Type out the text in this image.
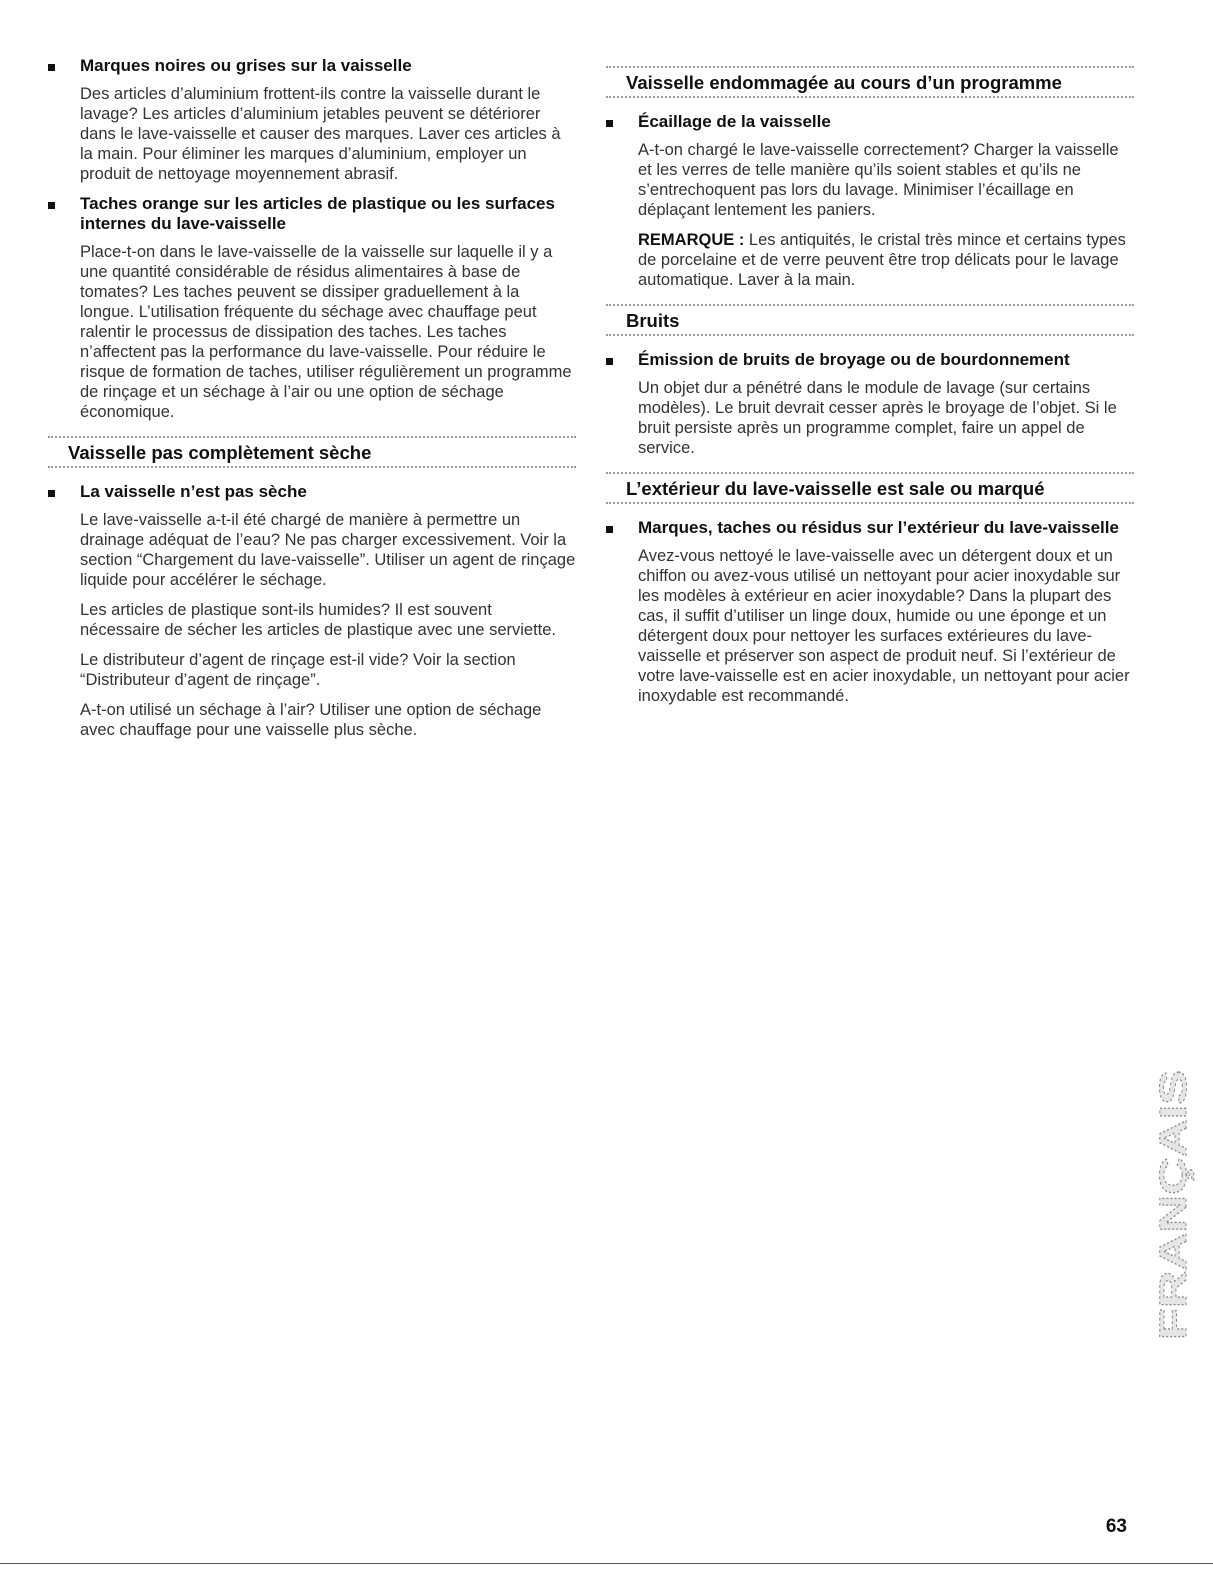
Marques noires ou grises sur la vaisselle

Des articles d’aluminium frottent-ils contre la vaisselle durant le lavage? Les articles d’aluminium jetables peuvent se détériorer dans le lave-vaisselle et causer des marques. Laver ces articles à la main. Pour éliminer les marques d’aluminium, employer un produit de nettoyage moyennement abrasif.

Taches orange sur les articles de plastique ou les surfaces internes du lave-vaisselle

Place-t-on dans le lave-vaisselle de la vaisselle sur laquelle il y a une quantité considérable de résidus alimentaires à base de tomates? Les taches peuvent se dissiper graduellement à la longue. L’utilisation fréquente du séchage avec chauffage peut ralentir le processus de dissipation des taches. Les taches n’affectent pas la performance du lave-vaisselle. Pour réduire le risque de formation de taches, utiliser régulièrement un programme de rinçage et un séchage à l’air ou une option de séchage économique.

Vaisselle pas complètement sèche
La vaisselle n’est pas sèche

Le lave-vaisselle a-t-il été chargé de manière à permettre un drainage adéquat de l’eau? Ne pas charger excessivement. Voir la section “Chargement du lave-vaisselle”. Utiliser un agent de rinçage liquide pour accélérer le séchage.

Les articles de plastique sont-ils humides? Il est souvent nécessaire de sécher les articles de plastique avec une serviette.

Le distributeur d’agent de rinçage est-il vide? Voir la section “Distributeur d’agent de rinçage”.

A-t-on utilisé un séchage à l’air? Utiliser une option de séchage avec chauffage pour une vaisselle plus sèche.

Vaisselle endommagée au cours d’un programme
Écaillage de la vaisselle

A-t-on chargé le lave-vaisselle correctement? Charger la vaisselle et les verres de telle manière qu’ils soient stables et qu’ils ne s’entrechoquent pas lors du lavage. Minimiser l’écaillage en déplaçant lentement les paniers.

REMARQUE : Les antiquités, le cristal très mince et certains types de porcelaine et de verre peuvent être trop délicats pour le lavage automatique. Laver à la main.

Bruits
Émission de bruits de broyage ou de bourdonnement

Un objet dur a pénétré dans le module de lavage (sur certains modèles). Le bruit devrait cesser après le broyage de l’objet. Si le bruit persiste après un programme complet, faire un appel de service.

L’extérieur du lave-vaisselle est sale ou marqué
Marques, taches ou résidus sur l’extérieur du lave-vaisselle

Avez-vous nettoyé le lave-vaisselle avec un détergent doux et un chiffon ou avez-vous utilisé un nettoyant pour acier inoxydable sur les modèles à extérieur en acier inoxydable? Dans la plupart des cas, il suffit d’utiliser un linge doux, humide ou une éponge et un détergent doux pour nettoyer les surfaces extérieures du lave-vaisselle et préserver son aspect de produit neuf. Si l’extérieur de votre lave-vaisselle est en acier inoxydable, un nettoyant pour acier inoxydable est recommandé.

FRANÇAIS
63
